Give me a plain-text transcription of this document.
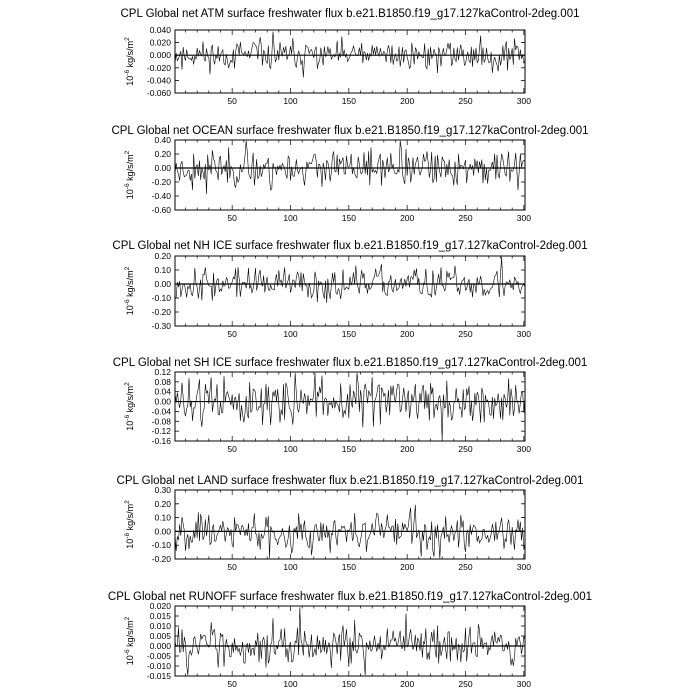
CPL Global net ATM surface freshwater flux b.e21.B1850.f19_g17.127kaControl-2deg.001
0.040
0.020
0.000
-0.020
-0.040
-0.060
50	100	150	200	250	300
$10^{-6}$ $kg/s/m^2$
CPL Global net OCEAN surface freshwater flux b.e21.B1850.f19_g17.127kaControl-2deg.001
0.40
0.20
0.00
-0.20
-0.40
-0.60
50	100	150	200	250	300
$10^{-6}$ $kg/s/m^2$
CPL Global net NH ICE surface freshwater flux b.e21.B1850.f19_g17.127kaControl-2deg.001
0.20
0.10
0.00
-0.10
-0.20
-0.30
50	100	150	200	250	300
$10^{-6}$ $kg/s/m^2$
CPL Global net SH ICE surface freshwater flux b.e21.B1850.f19_g17.127kaControl-2deg.001
0.12
0.08
0.04
0.00
-0.04
-0.08
-0.12
-0.16
50	100	150	200	250	300
$10^{-6}$ $kg/s/m^2$
CPL Global net LAND surface freshwater flux b.e21.B1850.f19_g17.127kaControl-2deg.001
0.30
0.20
0.10
0.00
-0.10
-0.20
50	100	150	200	250	300
$10^{-6}$ $kg/s/m^2$
CPL Global net RUNOFF surface freshwater flux b.e21.B1850.f19_g17.127kaControl-2deg.001
0.020
0.015
0.010
0.005
0.000
-0.005
-0.010
-0.015
50	100	150	200	250	300
$10^{-6}$ $kg/s/m^2$
